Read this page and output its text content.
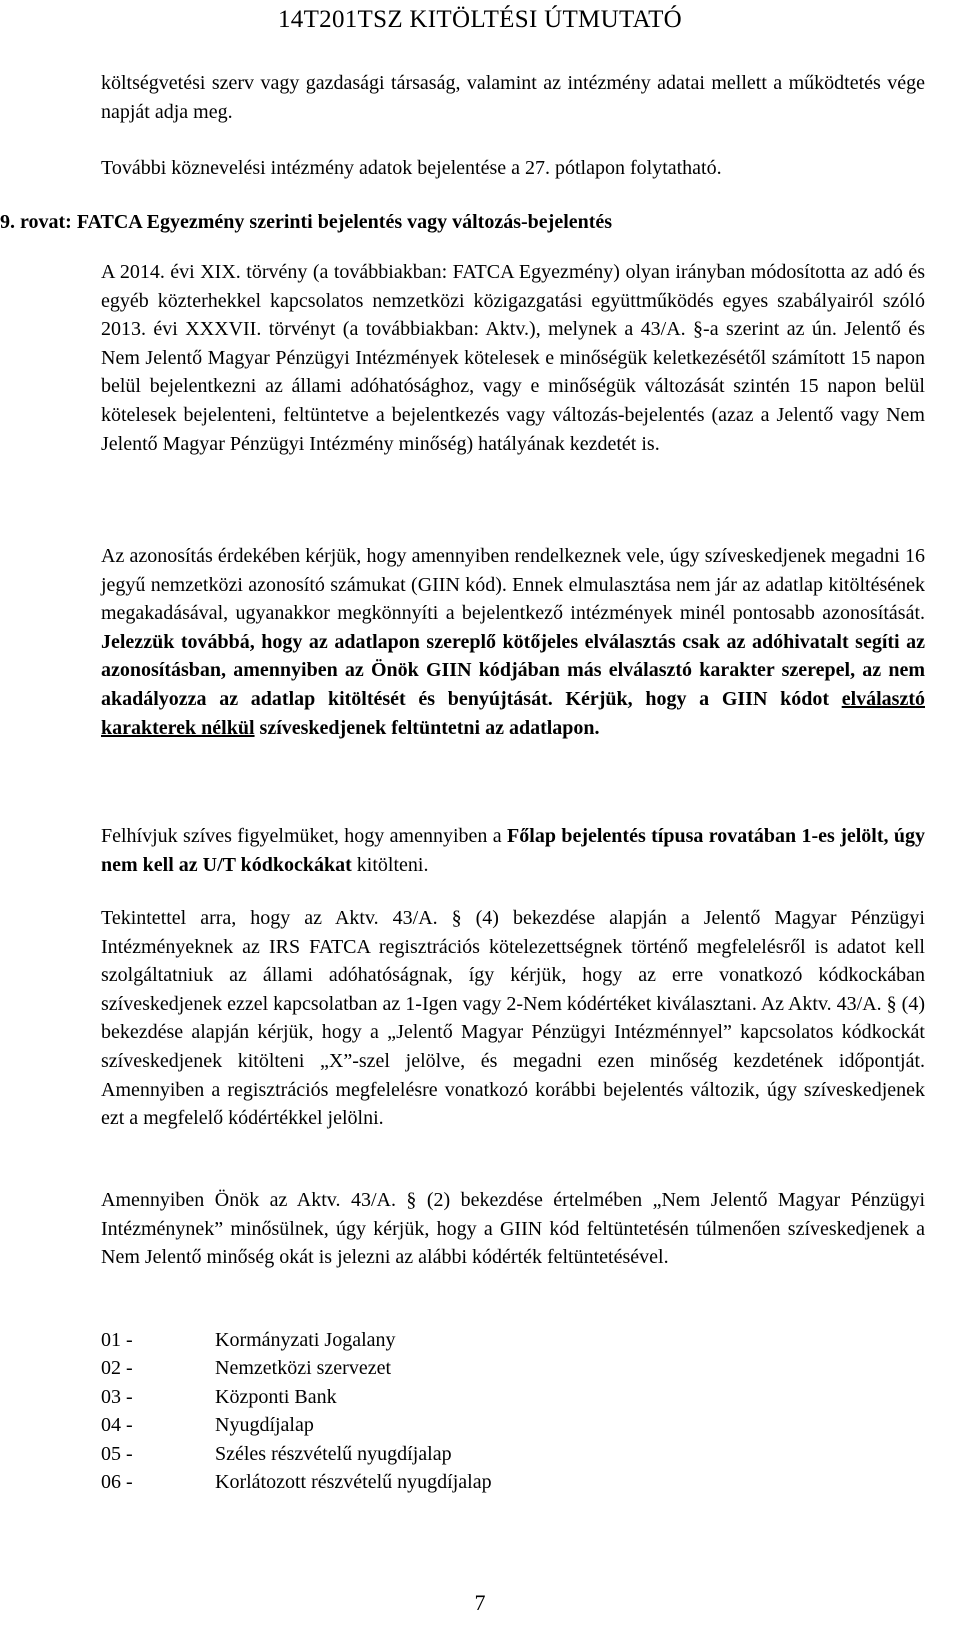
14T201TSZ KITÖLTÉSI ÚTMUTATÓ
költségvetési szerv vagy gazdasági társaság, valamint az intézmény adatai mellett a működtetés vége napját adja meg.
További köznevelési intézmény adatok bejelentése a 27. pótlapon folytatható.
9. rovat: FATCA Egyezmény szerinti bejelentés vagy változás-bejelentés
A 2014. évi XIX. törvény (a továbbiakban: FATCA Egyezmény) olyan irányban módosította az adó és egyéb közterhekkel kapcsolatos nemzetközi közigazgatási együttműködés egyes szabályairól szóló 2013. évi XXXVII. törvényt (a továbbiakban: Aktv.), melynek a 43/A. §-a szerint az ún. Jelentő és Nem Jelentő Magyar Pénzügyi Intézmények kötelesek e minőségük keletkezésétől számított 15 napon belül bejelentkezni az állami adóhatósághoz, vagy e minőségük változását szintén 15 napon belül kötelesek bejelenteni, feltüntetve a bejelentkezés vagy változás-bejelentés (azaz a Jelentő vagy Nem Jelentő Magyar Pénzügyi Intézmény minőség) hatályának kezdetét is.
Az azonosítás érdekében kérjük, hogy amennyiben rendelkeznek vele, úgy szíveskedjenek megadni 16 jegyű nemzetközi azonosító számukat (GIIN kód). Ennek elmulasztása nem jár az adatlap kitöltésének megakadásával, ugyanakkor megkönnyíti a bejelentkező intézmények minél pontosabb azonosítását. Jelezzük továbbá, hogy az adatlapon szereplő kötőjeles elválasztás csak az adóhivatalt segíti az azonosításban, amennyiben az Önök GIIN kódjában más elválasztó karakter szerepel, az nem akadályozza az adatlap kitöltését és benyújtását. Kérjük, hogy a GIIN kódot elválasztó karakterek nélkül szíveskedjenek feltüntetni az adatlapon.
Felhívjuk szíves figyelmüket, hogy amennyiben a Főlap bejelentés típusa rovatában 1-es jelölt, úgy nem kell az U/T kódkockákat kitölteni.
Tekintettel arra, hogy az Aktv. 43/A. § (4) bekezdése alapján a Jelentő Magyar Pénzügyi Intézményeknek az IRS FATCA regisztrációs kötelezettségnek történő megfelelésről is adatot kell szolgáltatniuk az állami adóhatóságnak, így kérjük, hogy az erre vonatkozó kódkockában szíveskedjenek ezzel kapcsolatban az 1-Igen vagy 2-Nem kódértéket kiválasztani. Az Aktv. 43/A. § (4) bekezdése alapján kérjük, hogy a „Jelentő Magyar Pénzügyi Intézménnyel” kapcsolatos kódkockát szíveskedjenek kitölteni „X”-szel jelölve, és megadni ezen minőség kezdetének időpontját. Amennyiben a regisztrációs megfelelésre vonatkozó korábbi bejelentés változik, úgy szíveskedjenek ezt a megfelelő kódértékkel jelölni.
Amennyiben Önök az Aktv. 43/A. § (2) bekezdése értelmében „Nem Jelentő Magyar Pénzügyi Intézménynek” minősülnek, úgy kérjük, hogy a GIIN kód feltüntetésén túlmenően szíveskedjenek a Nem Jelentő minőség okát is jelezni az alábbi kódérték feltüntetésével.
01 -	Kormányzati Jogalany
02 -	Nemzetközi szervezet
03 -	Központi Bank
04 -	Nyugdíjalap
05 -	Széles részvételű nyugdíjalap
06 -	Korlátozott részvételű nyugdíjalap
7
